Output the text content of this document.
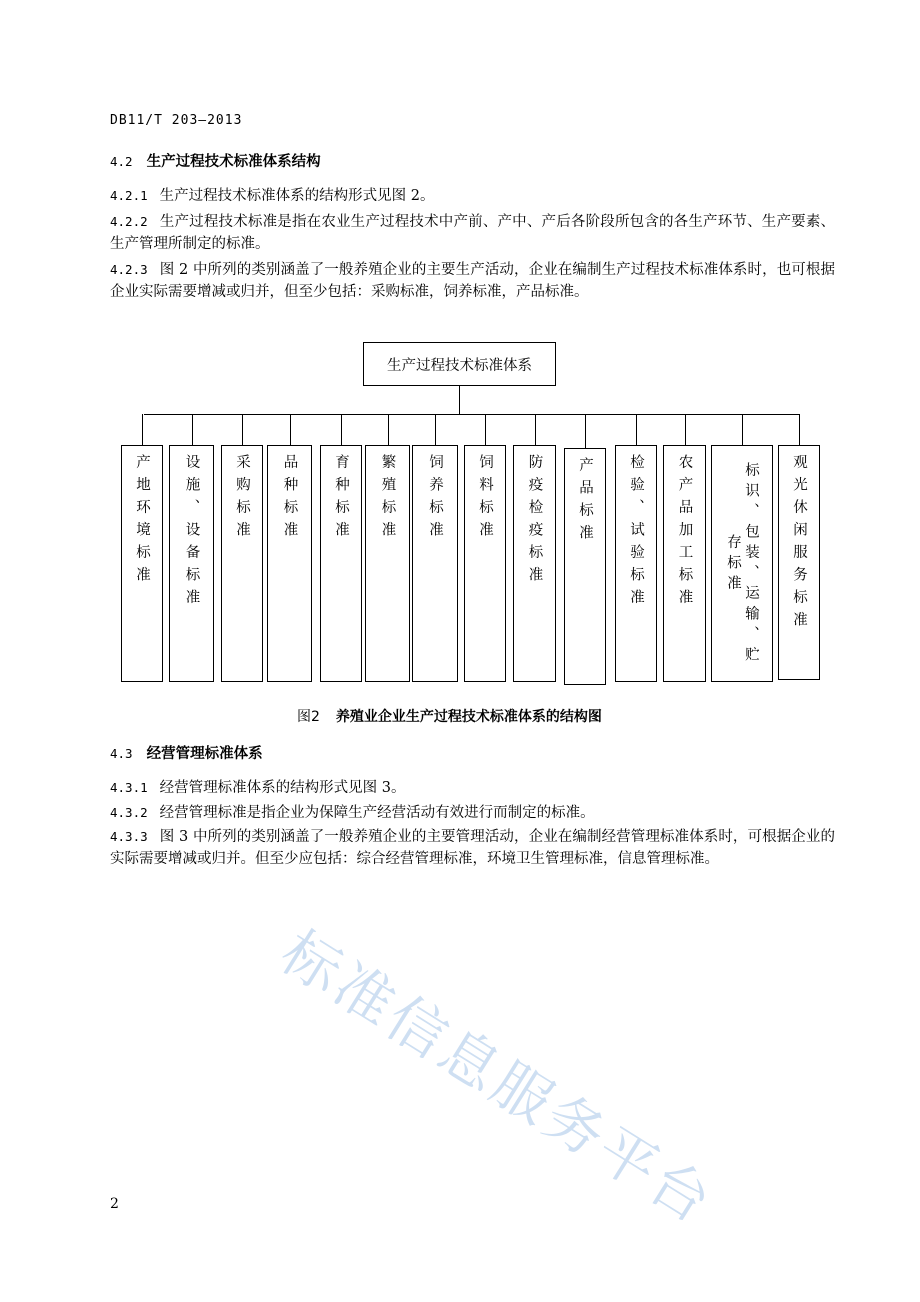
标准信息服务平台
DB11/T 203—2013
4.2 生产过程技术标准体系结构
4.2.1 生产过程技术标准体系的结构形式见图 2。
4.2.2 生产过程技术标准是指在农业生产过程技术中产前、产中、产后各阶段所包含的各生产环节、生产要素、生产管理所制定的标准。
4.2.3 图 2 中所列的类别涵盖了一般养殖企业的主要生产活动，企业在编制生产过程技术标准体系时，也可根据企业实际需要增减或归并，但至少包括：采购标准，饲养标准，产品标准。
生产过程技术标准体系
产地环境标准 设施、设备标准 采购标准 品种标准 育种标准 繁殖标准 饲养标准 饲料标准 防疫检疫标准 产品标准 检验、试验标准 农产品加工标准	标识、包装、运输、贮存标准	观光休闲服务标准
图2 养殖业企业生产过程技术标准体系的结构图
4.3 经营管理标准体系
4.3.1 经营管理标准体系的结构形式见图 3。
4.3.2 经营管理标准是指企业为保障生产经营活动有效进行而制定的标准。
4.3.3 图 3 中所列的类别涵盖了一般养殖企业的主要管理活动，企业在编制经营管理标准体系时，可根据企业的实际需要增减或归并。但至少应包括：综合经营管理标准，环境卫生管理标准，信息管理标准。
2
